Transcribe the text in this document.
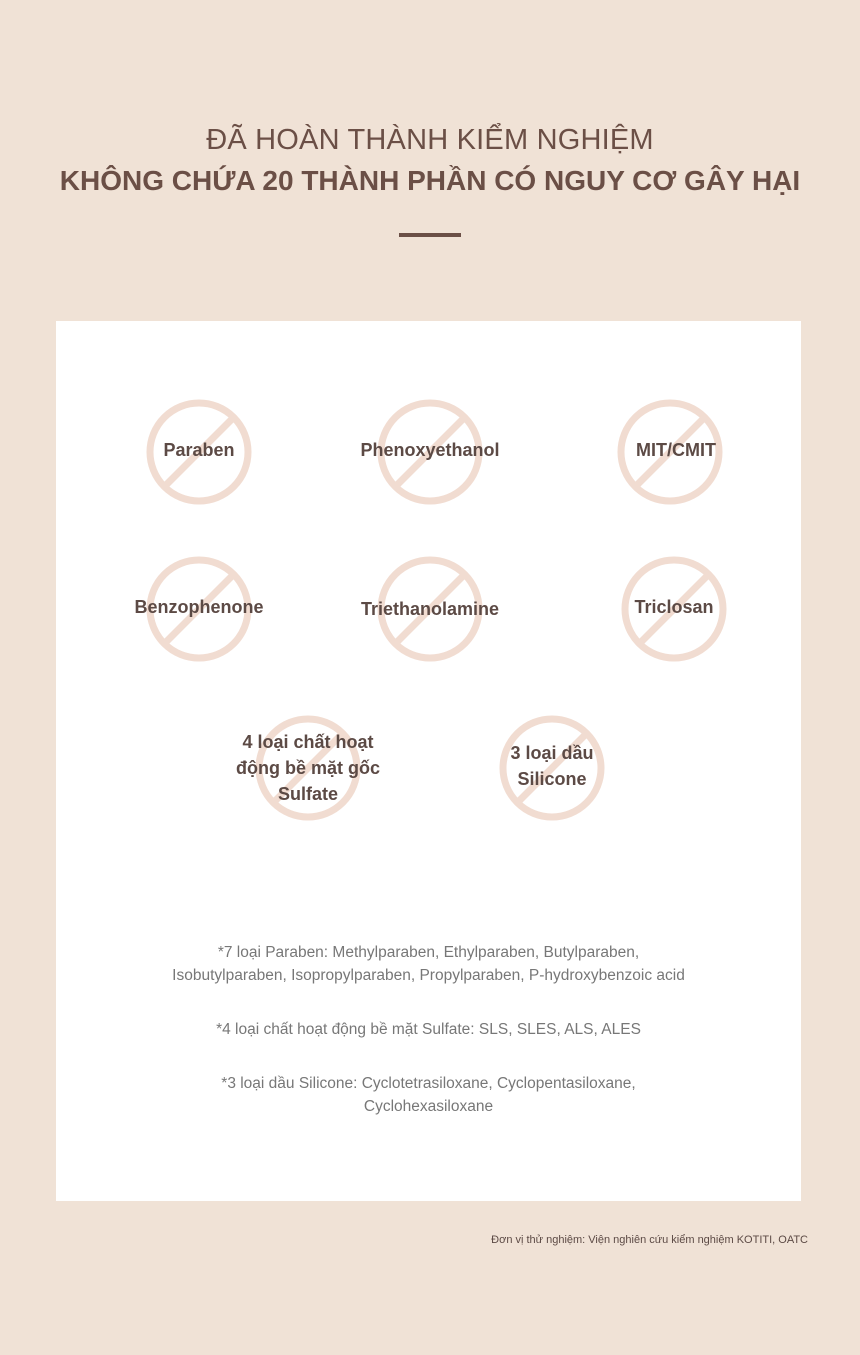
ĐÃ HOÀN THÀNH KIỂM NGHIỆM
KHÔNG CHỨA 20 THÀNH PHẦN CÓ NGUY CƠ GÂY HẠI
Paraben	Phenoxyethanol	MIT/CMIT
Benzophenone	Triethanolamine	Triclosan
4 loại chất hoạt
động bề mặt gốc
Sulfate
3 loại dầu
Silicone
*7 loại Paraben: Methylparaben, Ethylparaben, Butylparaben,
Isobutylparaben, Isopropylparaben, Propylparaben, P-hydroxybenzoic acid
*4 loại chất hoạt động bề mặt Sulfate: SLS, SLES, ALS, ALES
*3 loại dầu Silicone: Cyclotetrasiloxane, Cyclopentasiloxane,
Cyclohexasiloxane
Đơn vị thử nghiệm: Viện nghiên cứu kiểm nghiệm KOTITI, OATC
